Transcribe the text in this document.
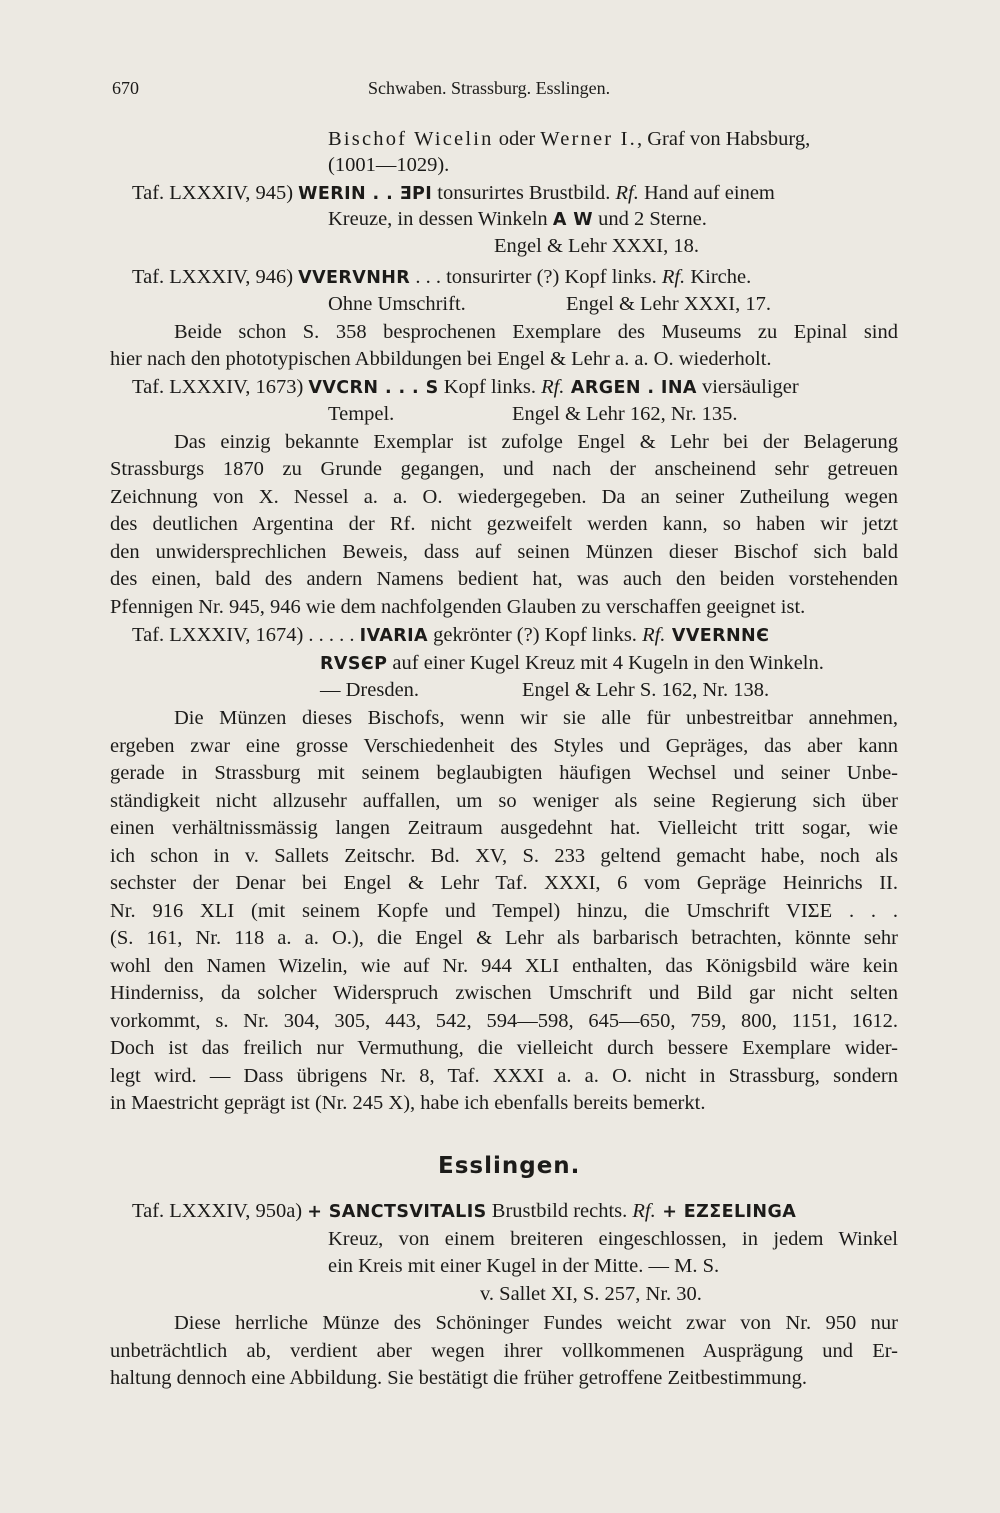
670	Schwaben. Strassburg. Esslingen.
Bischof Wicelin oder Werner I., Graf von Habsburg,
(1001—1029).
Taf. LXXXIV, 945) WERIN . . ƎPI tonsurirtes Brustbild. Rf. Hand auf einem
Kreuze, in dessen Winkeln A W und 2 Sterne.
Engel & Lehr XXXI, 18.
Taf. LXXXIV, 946) VVERVNHR . . . tonsurirter (?) Kopf links. Rf. Kirche.
Ohne Umschrift.	Engel & Lehr XXXI, 17.
Beide schon S. 358 besprochenen Exemplare des Museums zu Epinal sind
hier nach den phototypischen Abbildungen bei Engel & Lehr a. a. O. wiederholt.
Taf. LXXXIV, 1673) VVCRN . . . S Kopf links. Rf. ARGEN . INA viersäuliger
Tempel.	Engel & Lehr 162, Nr. 135.
Das einzig bekannte Exemplar ist zufolge Engel & Lehr bei der Belagerung
Strassburgs 1870 zu Grunde gegangen, und nach der anscheinend sehr getreuen
Zeichnung von X. Nessel a. a. O. wiedergegeben. Da an seiner Zutheilung wegen
des deutlichen Argentina der Rf. nicht gezweifelt werden kann, so haben wir jetzt
den unwidersprechlichen Beweis, dass auf seinen Münzen dieser Bischof sich bald
des einen, bald des andern Namens bedient hat, was auch den beiden vorstehenden
Pfennigen Nr. 945, 946 wie dem nachfolgenden Glauben zu verschaffen geeignet ist.
Taf. LXXXIV, 1674) . . . . . IVARIA gekrönter (?) Kopf links. Rf. VVERNNЄ
RVSЄP auf einer Kugel Kreuz mit 4 Kugeln in den Winkeln.
— Dresden.	Engel & Lehr S. 162, Nr. 138.
Die Münzen dieses Bischofs, wenn wir sie alle für unbestreitbar annehmen,
ergeben zwar eine grosse Verschiedenheit des Styles und Gepräges, das aber kann
gerade in Strassburg mit seinem beglaubigten häufigen Wechsel und seiner Unbe-
ständigkeit nicht allzusehr auffallen, um so weniger als seine Regierung sich über
einen verhältnissmässig langen Zeitraum ausgedehnt hat. Vielleicht tritt sogar, wie
ich schon in v. Sallets Zeitschr. Bd. XV, S. 233 geltend gemacht habe, noch als
sechster der Denar bei Engel & Lehr Taf. XXXI, 6 vom Gepräge Heinrichs II.
Nr. 916 XLI (mit seinem Kopfe und Tempel) hinzu, die Umschrift VIΣE . . .
(S. 161, Nr. 118 a. a. O.), die Engel & Lehr als barbarisch betrachten, könnte sehr
wohl den Namen Wizelin, wie auf Nr. 944 XLI enthalten, das Königsbild wäre kein
Hinderniss, da solcher Widerspruch zwischen Umschrift und Bild gar nicht selten
vorkommt, s. Nr. 304, 305, 443, 542, 594—598, 645—650, 759, 800, 1151, 1612.
Doch ist das freilich nur Vermuthung, die vielleicht durch bessere Exemplare wider-
legt wird. — Dass übrigens Nr. 8, Taf. XXXI a. a. O. nicht in Strassburg, sondern
in Maestricht geprägt ist (Nr. 245 X), habe ich ebenfalls bereits bemerkt.
Esslingen.
Taf. LXXXIV, 950a) + SANCTSVITALIS Brustbild rechts. Rf. + EZΣELINGA
Kreuz, von einem breiteren eingeschlossen, in jedem Winkel
ein Kreis mit einer Kugel in der Mitte. — M. S.
v. Sallet XI, S. 257, Nr. 30.
Diese herrliche Münze des Schöninger Fundes weicht zwar von Nr. 950 nur
unbeträchtlich ab, verdient aber wegen ihrer vollkommenen Ausprägung und Er-
haltung dennoch eine Abbildung. Sie bestätigt die früher getroffene Zeitbestimmung.
